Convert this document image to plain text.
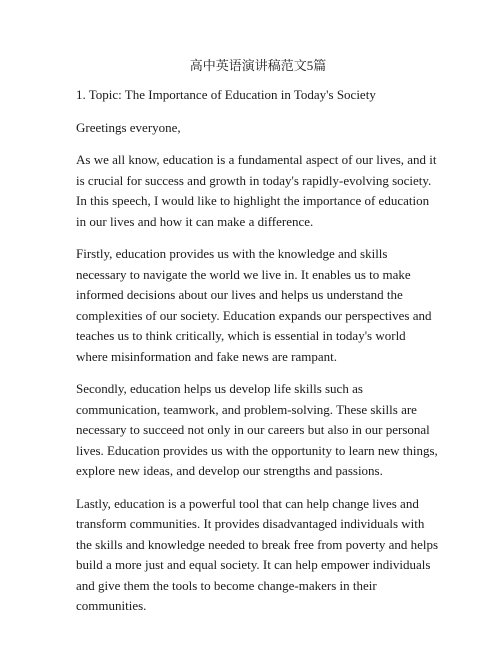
高中英语演讲稿范文5篇
1. Topic: The Importance of Education in Today's Society

Greetings everyone,

As we all know, education is a fundamental aspect of our lives, and it is crucial for success and growth in today's rapidly-evolving society. In this speech, I would like to highlight the importance of education in our lives and how it can make a difference.

Firstly, education provides us with the knowledge and skills necessary to navigate the world we live in. It enables us to make informed decisions about our lives and helps us understand the complexities of our society. Education expands our perspectives and teaches us to think critically, which is essential in today's world where misinformation and fake news are rampant.

Secondly, education helps us develop life skills such as communication, teamwork, and problem-solving. These skills are necessary to succeed not only in our careers but also in our personal lives. Education provides us with the opportunity to learn new things, explore new ideas, and develop our strengths and passions.

Lastly, education is a powerful tool that can help change lives and transform communities. It provides disadvantaged individuals with the skills and knowledge needed to break free from poverty and helps build a more just and equal society. It can help empower individuals and give them the tools to become change-makers in their communities.
